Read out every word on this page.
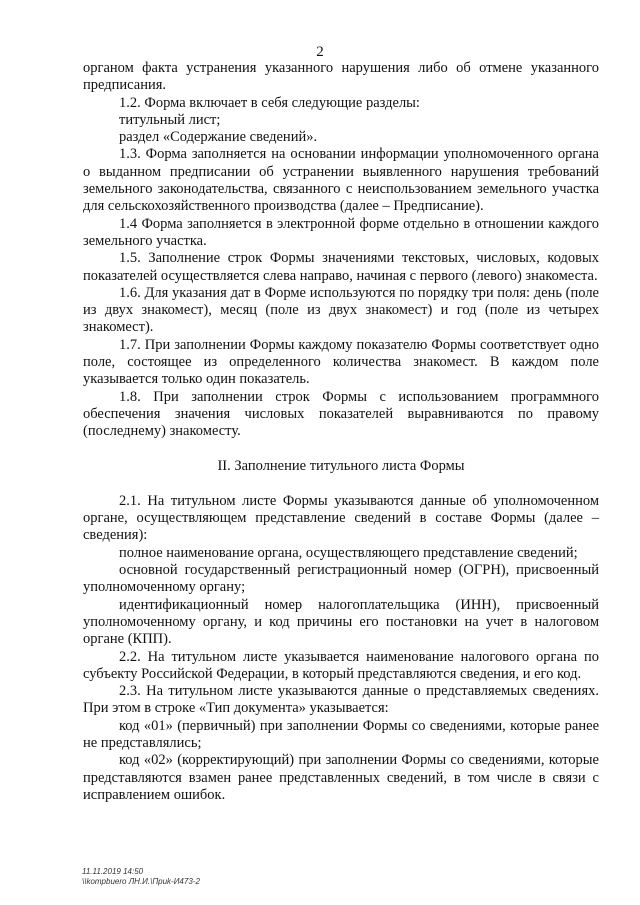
2

органом факта устранения указанного нарушения либо об отмене указанного предписания.

1.2. Форма включает в себя следующие разделы:

титульный лист;

раздел «Содержание сведений».

1.3. Форма заполняется на основании информации уполномоченного органа о выданном предписании об устранении выявленного нарушения требований земельного законодательства, связанного с неиспользованием земельного участка для сельскохозяйственного производства (далее – Предписание).

1.4 Форма заполняется в электронной форме отдельно в отношении каждого земельного участка.

1.5. Заполнение строк Формы значениями текстовых, числовых, кодовых показателей осуществляется слева направо, начиная с первого (левого) знакоместа.

1.6. Для указания дат в Форме используются по порядку три поля: день (поле из двух знакомест), месяц (поле из двух знакомест) и год (поле из четырех знакомест).

1.7. При заполнении Формы каждому показателю Формы соответствует одно поле, состоящее из определенного количества знакомест. В каждом поле указывается только один показатель.

1.8. При заполнении строк Формы с использованием программного обеспечения значения числовых показателей выравниваются по правому (последнему) знакоместу.

II. Заполнение титульного листа Формы

2.1. На титульном листе Формы указываются данные об уполномоченном органе, осуществляющем представление сведений в составе Формы (далее – сведения):

полное наименование органа, осуществляющего представление сведений;

основной государственный регистрационный номер (ОГРН), присвоенный уполномоченному органу;

идентификационный номер налогоплательщика (ИНН), присвоенный уполномоченному органу, и код причины его постановки на учет в налоговом органе (КПП).

2.2. На титульном листе указывается наименование налогового органа по субъекту Российской Федерации, в который представляются сведения, и его код.

2.3. На титульном листе указываются данные о представляемых сведениях. При этом в строке «Тип документа» указывается:

код «01» (первичный) при заполнении Формы со сведениями, которые ранее не представлялись;

код «02» (корректирующий) при заполнении Формы со сведениями, которые представляются взамен ранее представленных сведений, в том числе в связи с исправлением ошибок.

11.11.2019 14:50
\\kompbuero ЛН.И.\Приk-И473-2
